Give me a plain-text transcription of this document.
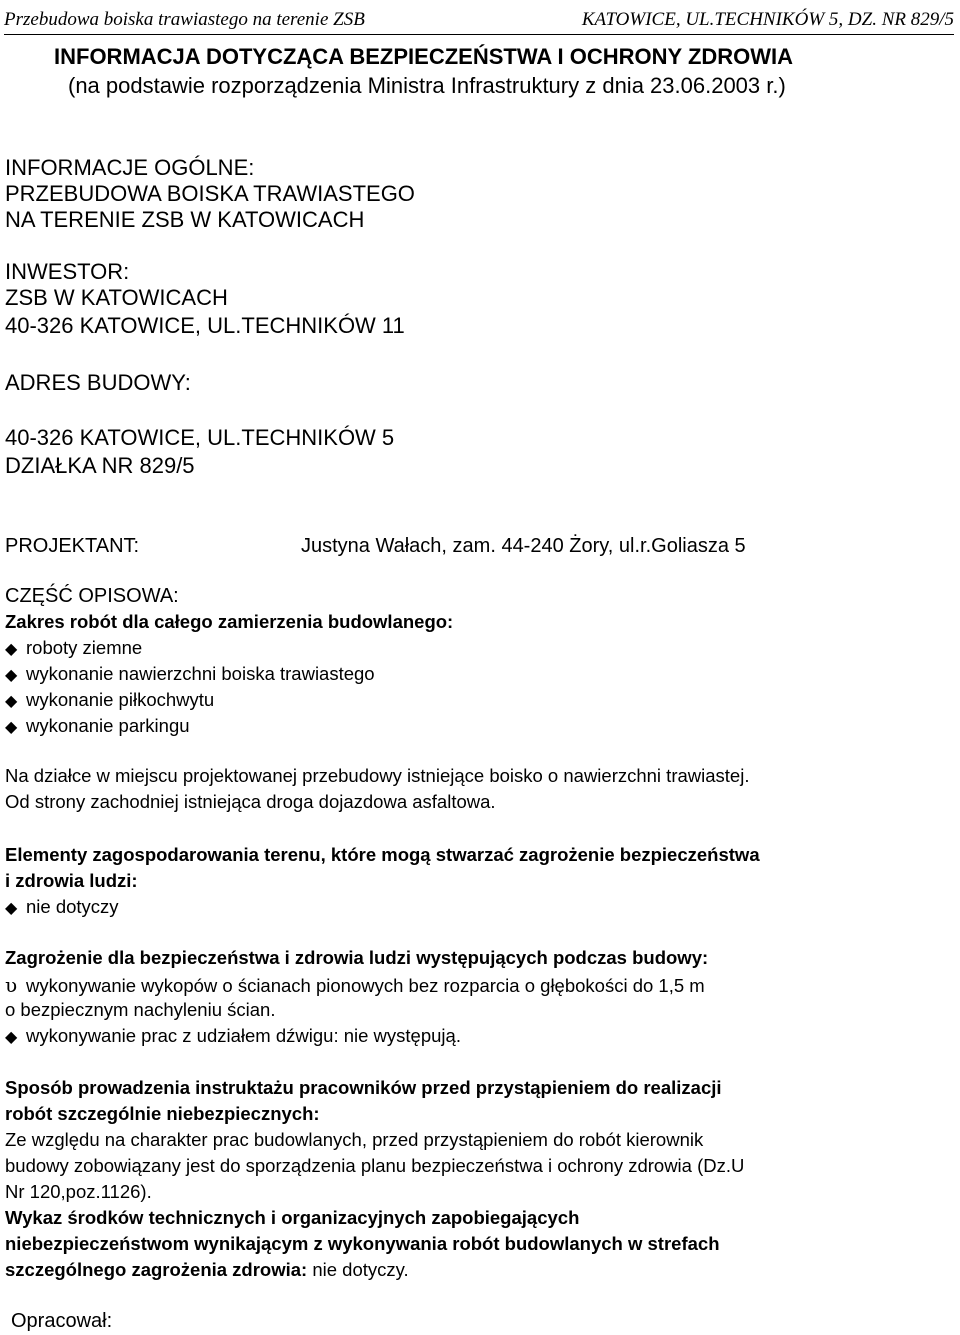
Przebudowa boiska trawiastego na terenie ZSB	KATOWICE, UL.TECHNIKÓW 5, DZ. NR 829/5
INFORMACJA DOTYCZĄCA BEZPIECZEŃSTWA I OCHRONY ZDROWIA
(na podstawie rozporządzenia Ministra Infrastruktury z dnia 23.06.2003 r.)
INFORMACJE OGÓLNE:
PRZEBUDOWA BOISKA TRAWIASTEGO
NA TERENIE ZSB W KATOWICACH
INWESTOR:
ZSB W KATOWICACH
40-326 KATOWICE, UL.TECHNIKÓW 11
ADRES BUDOWY:
40-326 KATOWICE, UL.TECHNIKÓW 5
DZIAŁKA NR 829/5
PROJEKTANT:	Justyna Wałach, zam. 44-240 Żory, ul.r.Goliasza 5
CZĘŚĆ OPISOWA:
Zakres robót dla całego zamierzenia budowlanego:
◆ roboty ziemne
◆ wykonanie nawierzchni boiska trawiastego
◆ wykonanie piłkochwytu
◆ wykonanie parkingu
Na działce w miejscu projektowanej przebudowy istniejące boisko o nawierzchni trawiastej.
Od strony zachodniej istniejąca droga dojazdowa asfaltowa.
Elementy zagospodarowania terenu, które mogą stwarzać zagrożenie bezpieczeństwa
i zdrowia ludzi:
◆ nie dotyczy
Zagrożenie dla bezpieczeństwa i zdrowia ludzi występujących podczas budowy:
υ wykonywanie wykopów o ścianach pionowych bez rozparcia o głębokości do 1,5 m
o bezpiecznym nachyleniu ścian.
◆ wykonywanie prac z udziałem dźwigu: nie występują.
Sposób prowadzenia instruktażu pracowników przed przystąpieniem do realizacji
robót szczególnie niebezpiecznych:
Ze względu na charakter prac budowlanych, przed przystąpieniem do robót kierownik
budowy zobowiązany jest do sporządzenia planu bezpieczeństwa i ochrony zdrowia (Dz.U
Nr 120,poz.1126).
Wykaz środków technicznych i organizacyjnych zapobiegających
niebezpieczeństwom wynikającym z wykonywania robót budowlanych w strefach
szczególnego zagrożenia zdrowia: nie dotyczy.
Opracował:
